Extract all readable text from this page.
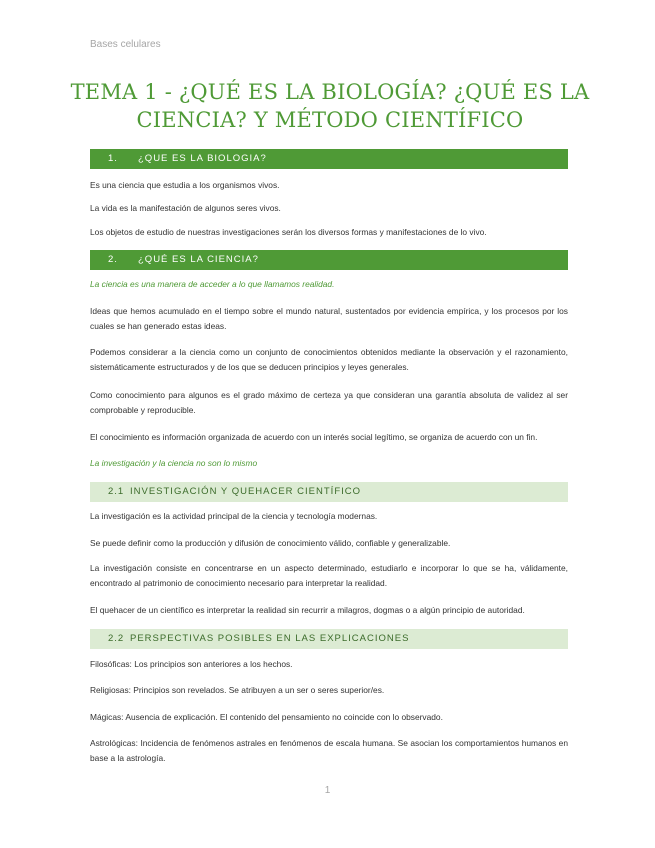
Bases celulares
TEMA 1 - ¿QUÉ ES LA BIOLOGÍA? ¿QUÉ ES LA CIENCIA? Y MÉTODO CIENTÍFICO
1. ¿QUE ES LA BIOLOGIA?
Es una ciencia que estudia a los organismos vivos.
La vida es la manifestación de algunos seres vivos.
Los objetos de estudio de nuestras investigaciones serán los diversos formas y manifestaciones de lo vivo.
2. ¿QUÉ ES LA CIENCIA?
La ciencia es una manera de acceder a lo que llamamos realidad.
Ideas que hemos acumulado en el tiempo sobre el mundo natural, sustentados por evidencia empírica, y los procesos por los cuales se han generado estas ideas.
Podemos considerar a la ciencia como un conjunto de conocimientos obtenidos mediante la observación y el razonamiento, sistemáticamente estructurados y de los que se deducen principios y leyes generales.
Como conocimiento para algunos es el grado máximo de certeza ya que consideran una garantía absoluta de validez al ser comprobable y reproducible.
El conocimiento es información organizada de acuerdo con un interés social legítimo, se organiza de acuerdo con un fin.
La investigación y la ciencia no son lo mismo
2.1 INVESTIGACIÓN Y QUEHACER CIENTÍFICO
La investigación es la actividad principal de la ciencia y tecnología modernas.
Se puede definir como la producción y difusión de conocimiento válido, confiable y generalizable.
La investigación consiste en concentrarse en un aspecto determinado, estudiarlo e incorporar lo que se ha, válidamente, encontrado al patrimonio de conocimiento necesario para interpretar la realidad.
El quehacer de un científico es interpretar la realidad sin recurrir a milagros, dogmas o a algún principio de autoridad.
2.2 PERSPECTIVAS POSIBLES EN LAS EXPLICACIONES
Filosóficas: Los principios son anteriores a los hechos.
Religiosas: Principios son revelados. Se atribuyen a un ser o seres superior/es.
Mágicas: Ausencia de explicación. El contenido del pensamiento no coincide con lo observado.
Astrológicas: Incidencia de fenómenos astrales en fenómenos de escala humana. Se asocian los comportamientos humanos en base a la astrología.
1
